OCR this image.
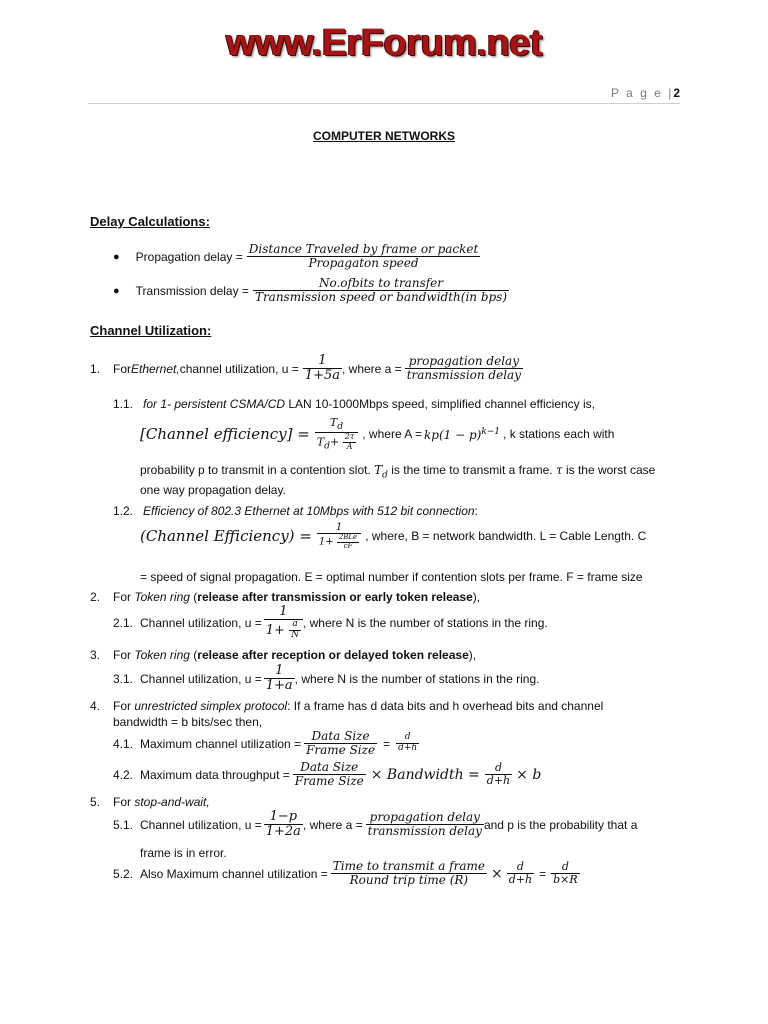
www.ErForum.net
P a g e |2
COMPUTER NETWORKS
Delay Calculations:
● Propagation delay = $\frac{\text{Distance Traveled by frame or packet}}{\text{Propagaton speed}}$
● Transmission delay = $\frac{\text{No.ofbits to transfer}}{\text{Transmission speed or bandwidth(in bps)}}$
Channel Utilization:
1.	For Ethernet, channel utilization, $u = \frac{1}{1+5a}$ , where $a = \frac{\text{propagation delay}}{\text{transmission delay}}$
1.1. for 1- persistent CSMA/CD LAN 10-1000Mbps speed, simplified channel efficiency is,
[Channel efficiency] = $\frac{T_d}{T_d+ \frac{2\tau}{A}}$ , where $A = kp(1 - p)^{k-1}$ , k stations each with
probability p to transmit in a contention slot. $T_d$ is the time to transmit a frame. τ is the worst case
one way propagation delay.
1.2. Efficiency of 802.3 Ethernet at 10Mbps with 512 bit connection:
(Channel Efficiency) = $\frac{1}{1+ \frac{\text{2BLe}}{cF}}$ , where, B = network bandwidth. L = Cable Length. C
= speed of signal propagation. E = optimal number if contention slots per frame. F = frame size
2. For Token ring (release after transmission or early token release),
2.1. Channel utilization, $u = \frac{1}{1+ \frac{a}{N}}$ , where N is the number of stations in the ring.
3. For Token ring (release after reception or delayed token release),
3.1. Channel utilization, $u = \frac{1}{1+a}$ , where N is the number of stations in the ring.
4. For unrestricted simplex protocol: If a frame has d data bits and h overhead bits and channel
bandwidth = b bits/sec then,
4.1. Maximum channel utilization = $\frac{\text{Data Size}}{\text{Frame Size}} = \frac{d}{d+h}$
4.2. Maximum data throughput = $\frac{\text{Data Size}}{\text{Frame Size}}$ × Bandwidth = $\frac{d}{d+h} \times b$
5. For stop-and-wait,
5.1. Channel utilization, $u = \frac{1-p}{1+2a}$ , where $a = \frac{\text{propagation delay}}{\text{transmission delay}}$ and p is the probability that a
frame is in error.
5.2. Also Maximum channel utilization = $\frac{\text{Time to transmit a frame}}{\text{Round trip time (R)}} \times \frac{d}{d+h} = \frac{d}{b\times R}$
